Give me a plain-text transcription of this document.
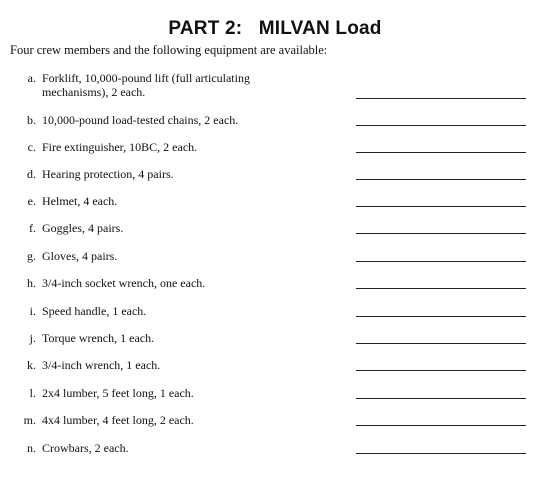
PART 2:   MILVAN Load
Four crew members and the following equipment are available:
a. Forklift, 10,000-pound lift (full articulating
mechanisms), 2 each.
b. 10,000-pound load-tested chains, 2 each.
c. Fire extinguisher, 10BC, 2 each.
d. Hearing protection, 4 pairs.
e. Helmet, 4 each.
f. Goggles, 4 pairs.
g. Gloves, 4 pairs.
h. 3/4-inch socket wrench, one each.
i. Speed handle, 1 each.
j. Torque wrench, 1 each.
k. 3/4-inch wrench, 1 each.
l. 2x4 lumber, 5 feet long, 1 each.
m. 4x4 lumber, 4 feet long, 2 each.
n. Crowbars, 2 each.
